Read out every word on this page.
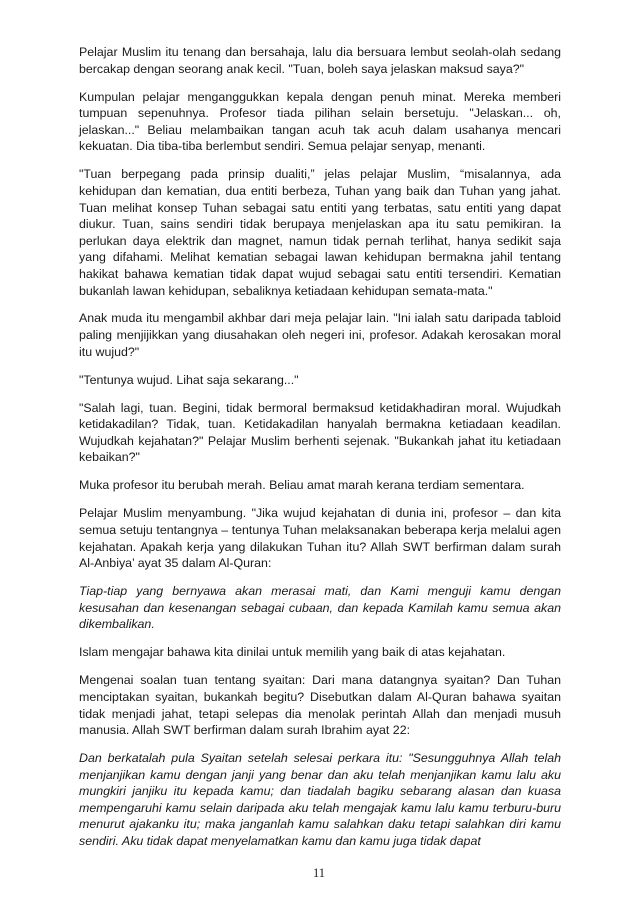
Pelajar Muslim itu tenang dan bersahaja, lalu dia bersuara lembut seolah-olah sedang bercakap dengan seorang anak kecil. "Tuan, boleh saya jelaskan maksud saya?"

Kumpulan pelajar menganggukkan kepala dengan penuh minat. Mereka memberi tumpuan sepenuhnya. Profesor tiada pilihan selain bersetuju. "Jelaskan... oh, jelaskan..." Beliau melambaikan tangan acuh tak acuh dalam usahanya mencari kekuatan. Dia tiba-tiba berlembut sendiri. Semua pelajar senyap, menanti.

"Tuan berpegang pada prinsip dualiti,” jelas pelajar Muslim, “misalannya, ada kehidupan dan kematian, dua entiti berbeza, Tuhan yang baik dan Tuhan yang jahat. Tuan melihat konsep Tuhan sebagai satu entiti yang terbatas, satu entiti yang dapat diukur. Tuan, sains sendiri tidak berupaya menjelaskan apa itu satu pemikiran. Ia perlukan daya elektrik dan magnet, namun tidak pernah terlihat, hanya sedikit saja yang difahami. Melihat kematian sebagai lawan kehidupan bermakna jahil tentang hakikat bahawa kematian tidak dapat wujud sebagai satu entiti tersendiri. Kematian bukanlah lawan kehidupan, sebaliknya ketiadaan kehidupan semata-mata."

Anak muda itu mengambil akhbar dari meja pelajar lain. "Ini ialah satu daripada tabloid paling menjijikkan yang diusahakan oleh negeri ini, profesor. Adakah kerosakan moral itu wujud?"

"Tentunya wujud. Lihat saja sekarang..."

"Salah lagi, tuan. Begini, tidak bermoral bermaksud ketidakhadiran moral. Wujudkah ketidakadilan? Tidak, tuan. Ketidakadilan hanyalah bermakna ketiadaan keadilan. Wujudkah kejahatan?" Pelajar Muslim berhenti sejenak. "Bukankah jahat itu ketiadaan kebaikan?"

Muka profesor itu berubah merah. Beliau amat marah kerana terdiam sementara.

Pelajar Muslim menyambung. "Jika wujud kejahatan di dunia ini, profesor – dan kita semua setuju tentangnya – tentunya Tuhan melaksanakan beberapa kerja melalui agen kejahatan. Apakah kerja yang dilakukan Tuhan itu? Allah SWT berfirman dalam surah Al-Anbiya’ ayat 35 dalam Al-Quran:

Tiap-tiap yang bernyawa akan merasai mati, dan Kami menguji kamu dengan kesusahan dan kesenangan sebagai cubaan, dan kepada Kamilah kamu semua akan dikembalikan.

Islam mengajar bahawa kita dinilai untuk memilih yang baik di atas kejahatan.

Mengenai soalan tuan tentang syaitan: Dari mana datangnya syaitan? Dan Tuhan menciptakan syaitan, bukankah begitu? Disebutkan dalam Al-Quran bahawa syaitan tidak menjadi jahat, tetapi selepas dia menolak perintah Allah dan menjadi musuh manusia. Allah SWT berfirman dalam surah Ibrahim ayat 22:

Dan berkatalah pula Syaitan setelah selesai perkara itu: "Sesungguhnya Allah telah menjanjikan kamu dengan janji yang benar dan aku telah menjanjikan kamu lalu aku mungkiri janjiku itu kepada kamu; dan tiadalah bagiku sebarang alasan dan kuasa mempengaruhi kamu selain daripada aku telah mengajak kamu lalu kamu terburu-buru menurut ajakanku itu; maka janganlah kamu salahkan daku tetapi salahkan diri kamu sendiri. Aku tidak dapat menyelamatkan kamu dan kamu juga tidak dapat

11
